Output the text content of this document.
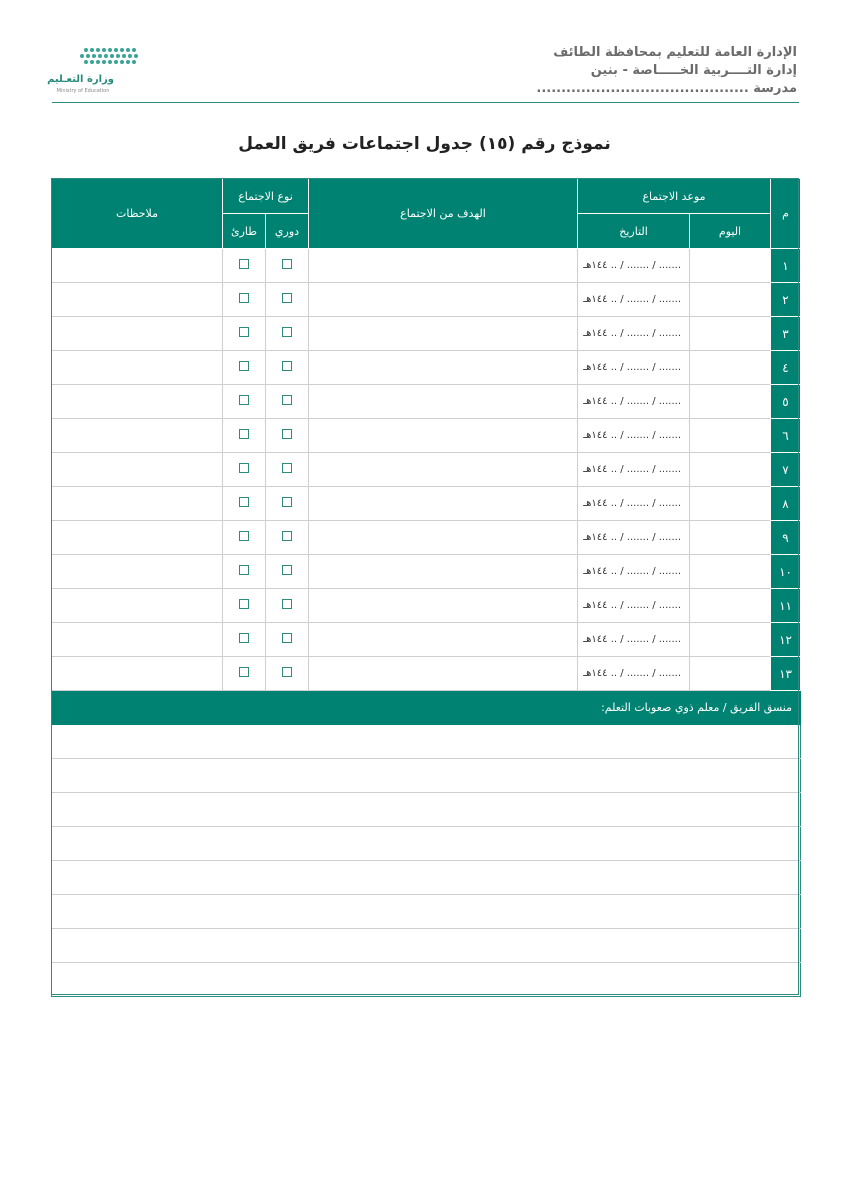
الإدارة العامة للتعليم بمحافظة الطائف
إدارة التــــربية الخـــــاصة - بنين
مدرسة ...........................................
وزارة التعـليم
Ministry of Education
نموذج رقم (١٥) جدول اجتماعات فريق العمل
م	موعد الاجتماع		الهدف من الاجتماع	نوع الاجتماع		ملاحظات
	اليوم	التاريخ		دوري	طارئ	
١		....... / ....... / .. ١٤٤هـ				
٢		....... / ....... / .. ١٤٤هـ				
٣		....... / ....... / .. ١٤٤هـ				
٤		....... / ....... / .. ١٤٤هـ				
٥		....... / ....... / .. ١٤٤هـ				
٦		....... / ....... / .. ١٤٤هـ				
٧		....... / ....... / .. ١٤٤هـ				
٨		....... / ....... / .. ١٤٤هـ				
٩		....... / ....... / .. ١٤٤هـ				
١٠		....... / ....... / .. ١٤٤هـ				
١١		....... / ....... / .. ١٤٤هـ				
١٢		....... / ....... / .. ١٤٤هـ				
١٣		....... / ....... / .. ١٤٤هـ				
منسق الفريق / معلم ذوي صعوبات التعلم:						
